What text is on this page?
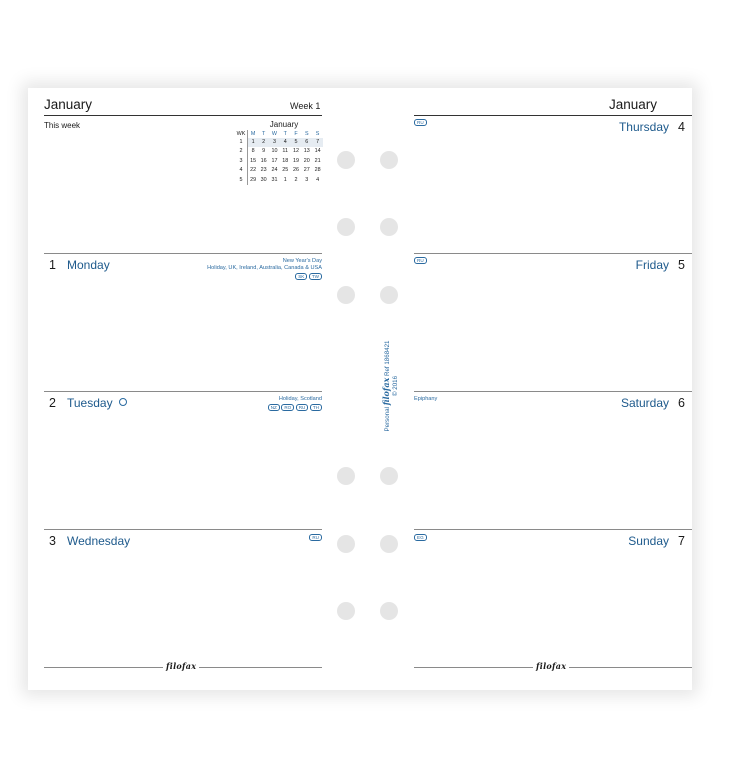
January	Week 1
This week	January
WK	M	T	W	T	F	S	S
1	1	2	3	4	5	6	7
2	8	9	10	11	12	13	14
3	15	16	17	18	19	20	21
4	22	23	24	25	26	27	28
5	29	30	31	1	2	3	4
1 Monday	New Year's Day
Holiday, UK, Ireland, Australia, Canada & USA
SK TW
2 Tuesday	Holiday, Scotland
NZ RO RU TH
3 Wednesday	RU
filofax
Personal filofax Ref 1868421
© 2016
January
RU	Thursday 4
RU	Friday 5
Epiphany	Saturday 6
EG	Sunday 7
filofax
